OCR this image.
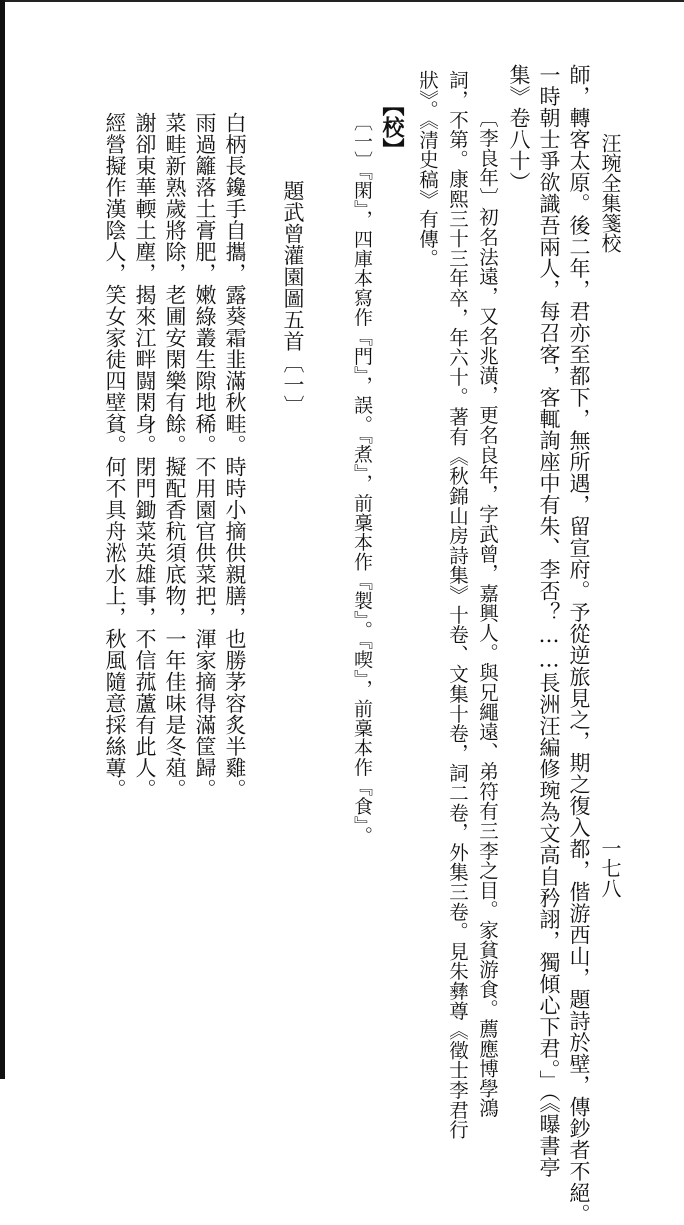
汪琬全集箋校
一七八
師，轉客太原。後二年，君亦至都下，無所遇，留宣府。予從逆旅見之，期之復入都，偕游西山，題詩於壁，傳鈔者不絕。
一時朝士爭欲識吾兩人，每召客，客輒詢座中有朱、李否？……長洲汪編修琬為文高自矜詡，獨傾心下君。」（《曝書亭
集》卷八十）
〔李良年〕初名法遠，又名兆潢，更名良年，字武曾，嘉興人。與兄繩遠、弟符有三李之目。家貧游食。薦應博學鴻
詞，不第。康熙三十三年卒，年六十。著有《秋錦山房詩集》十卷、文集十卷，詞二卷，外集三卷。見朱彝尊《徵士李君行
狀》。《清史稿》有傳。
【校】
〔一〕『閑』，四庫本寫作『門』，誤。『煮』，前稾本作『製』。『喫』，前稾本作『食』。
題武曾灌園圖五首〔一〕
白柄長鑱手自攜，露葵霜韭滿秋畦。時時小摘供親膳，也勝茅容炙半雞。
雨過籬落土膏肥，嫩綠叢生隙地稀。不用園官供菜把，渾家摘得滿筐歸。
菜畦新熟歲將除，老圃安閑樂有餘。擬配香秔須底物，一年佳味是冬葅。
謝卻東華輭土塵，揭來江畔闘閑身。閉門鋤菜英雄事，不信菰蘆有此人。
經營擬作漢陰人，笑女家徒四壁貧。何不具舟淞水上，秋風隨意採絲蓴。
